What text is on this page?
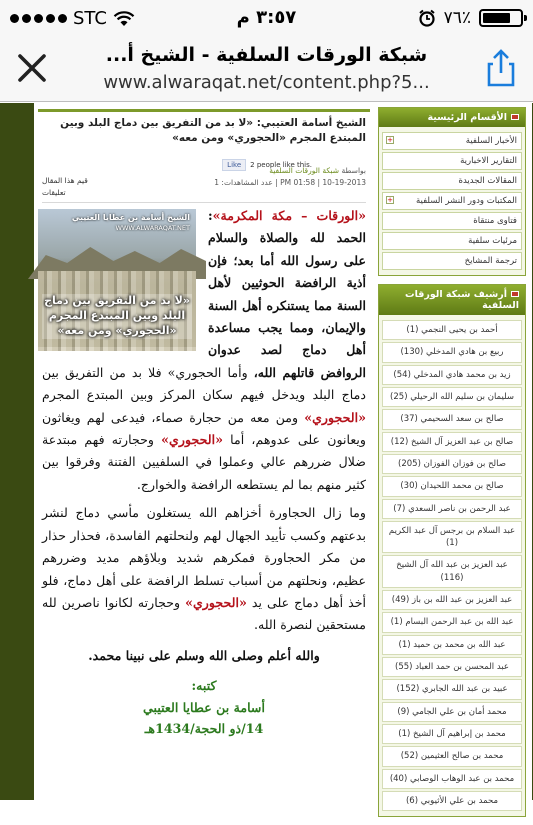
STC	٣:٥٧ م	٧٦٪
شبكة الورقات السلفية - الشيخ أ...
www.alwaraqat.net/content.php?5...
الأقسام الرئيسية
الأخبار السلفية
+
التقارير الاخبارية
المقالات الجديدة
المكتبات ودور النشر السلفية
+
فتاوى منتقاة
مرئيات سلفية
ترجمة المشايخ
أرشيف شبكة الورقات السلفية
أحمد بن يحيى النجمي (1)
ربيع بن هادي المدخلي (130)
زيد بن محمد هادي المدخلي (54)
سليمان بن سليم الله الرحيلي (25)
صالح بن سعد السحيمي (37)
صالح بن عبد العزيز آل الشيخ (12)
صالح بن فوزان الفوزان (205)
صالح بن محمد اللحيدان (30)
عبد الرحمن بن ناصر السعدي (7)
عبد السلام بن برجس آل عبد الكريم (1)
عبد العزيز بن عبد الله آل الشيخ (116)
عبد العزيز بن عبد الله بن باز (49)
عبد الله بن عبد الرحمن البسام (1)
عبد الله بن محمد بن حميد (1)
عبد المحسن بن حمد العباد (55)
عبيد بن عبد الله الجابري (152)
محمد أمان بن علي الجامي (9)
محمد بن إبراهيم آل الشيخ (1)
محمد بن صالح العثيمين (52)
محمد بن عبد الوهاب الوصابي (40)
محمد بن علي الأثيوبي (6)
الشيخ أسامة العتيبي: «لا بد من التفريق بين دماج البلد وبين المبتدع المجرم «الحجوري» ومن معه»
بواسطة شبكة الورقات السلفية
10-19-2013 | PM 01:58 | عدد المشاهدات: 1
Like	2 people like this.
قيم هذا المقال
تعليقات
الشيخ أسامة بن عطايا العتيبي
WWW.ALWARAQAT.NET
«لا بد من التفريق بين دماج البلد وبين المبتدع المجرم «الحجوري» ومن معه»

«الورقات – مكة المكرمة»: الحمد لله والصلاة والسلام على رسول الله أما بعد؛ فإن أذية الرافضة الحوثيين لأهل السنة مما يستنكره أهل السنة والإيمان، ومما يجب مساعدة أهل دماج لصد عدوان الروافض قاتلهم الله، وأما الحجوري» فلا بد من التفريق بين دماج البلد ويدخل فيهم سكان المركز وبين المبتدع المجرم «الحجوري» ومن معه من حجارة صماء، فيدعى لهم ويغاثون ويعانون على عدوهم، أما «الحجوري» وحجارته فهم مبتدعة ضلال ضررهم عالي وعملوا في السلفيين الفتنة وفرقوا بين كثير منهم بما لم يستطعه الرافضة والخوارج.

وما زال الحجاورة أخزاهم الله يستغلون مأسي دماج لنشر بدعتهم وكسب تأييد الجهال لهم ولنحلتهم الفاسدة، فحذار حذار من مكر الحجاورة فمكرهم شديد وبلاؤهم مديد وضررهم عظيم، ونحلتهم من أسباب تسلط الرافضة على أهل دماج، فلو أخذ أهل دماج على يد «الحجوري» وحجارته لكانوا ناصرين لله مستحقين لنصرة الله.

والله أعلم وصلى الله وسلم على نبينا محمد.
كتبه:
أسامة بن عطايا العتيبي
14/ذو الحجة/1434هـ
